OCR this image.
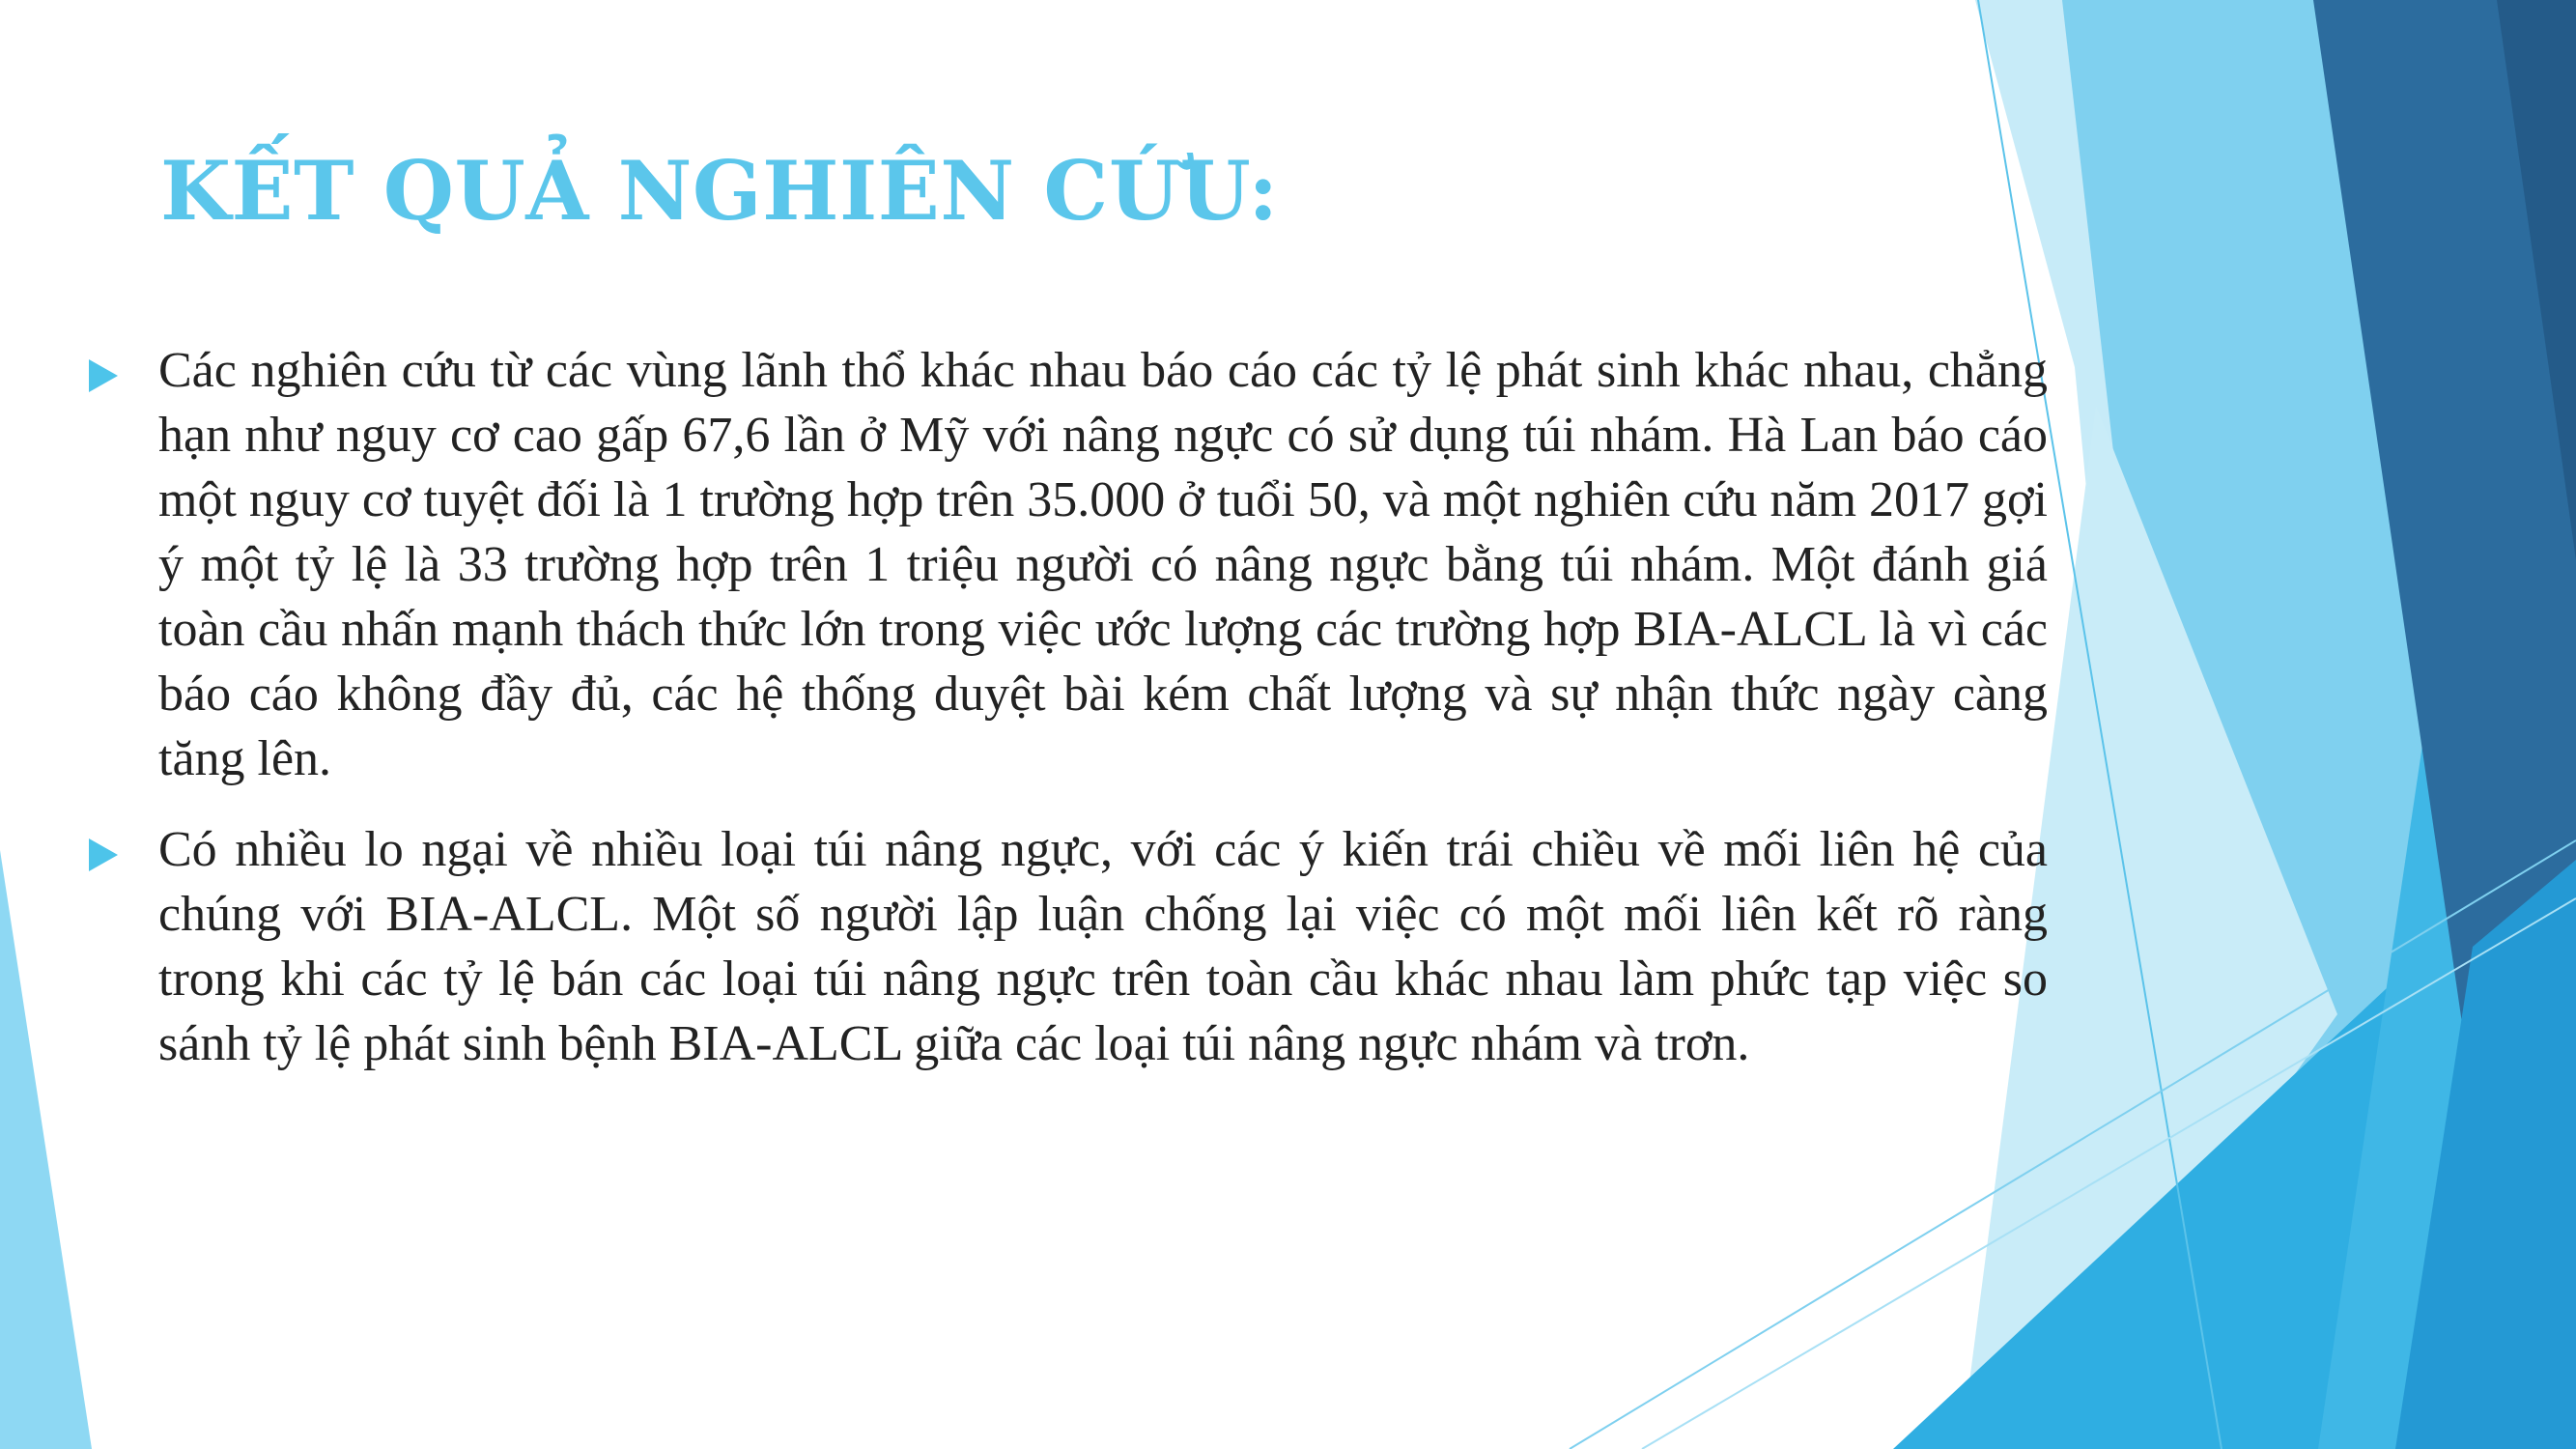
KẾT QUẢ NGHIÊN CỨU:
Các nghiên cứu từ các vùng lãnh thổ khác nhau báo cáo các tỷ lệ phát sinh khác nhau, chẳng hạn như nguy cơ cao gấp 67,6 lần ở Mỹ với nâng ngực có sử dụng túi nhám. Hà Lan báo cáo một nguy cơ tuyệt đối là 1 trường hợp trên 35.000 ở tuổi 50, và một nghiên cứu năm 2017 gợi ý một tỷ lệ là 33 trường hợp trên 1 triệu người có nâng ngực bằng túi nhám. Một đánh giá toàn cầu nhấn mạnh thách thức lớn trong việc ước lượng các trường hợp BIA-ALCL là vì các báo cáo không đầy đủ, các hệ thống duyệt bài kém chất lượng và sự nhận thức ngày càng tăng lên.
Có nhiều lo ngại về nhiều loại túi nâng ngực, với các ý kiến trái chiều về mối liên hệ của chúng với BIA-ALCL. Một số người lập luận chống lại việc có một mối liên kết rõ ràng trong khi các tỷ lệ bán các loại túi nâng ngực trên toàn cầu khác nhau làm phức tạp việc so sánh tỷ lệ phát sinh bệnh BIA-ALCL giữa các loại túi nâng ngực nhám và trơn.
